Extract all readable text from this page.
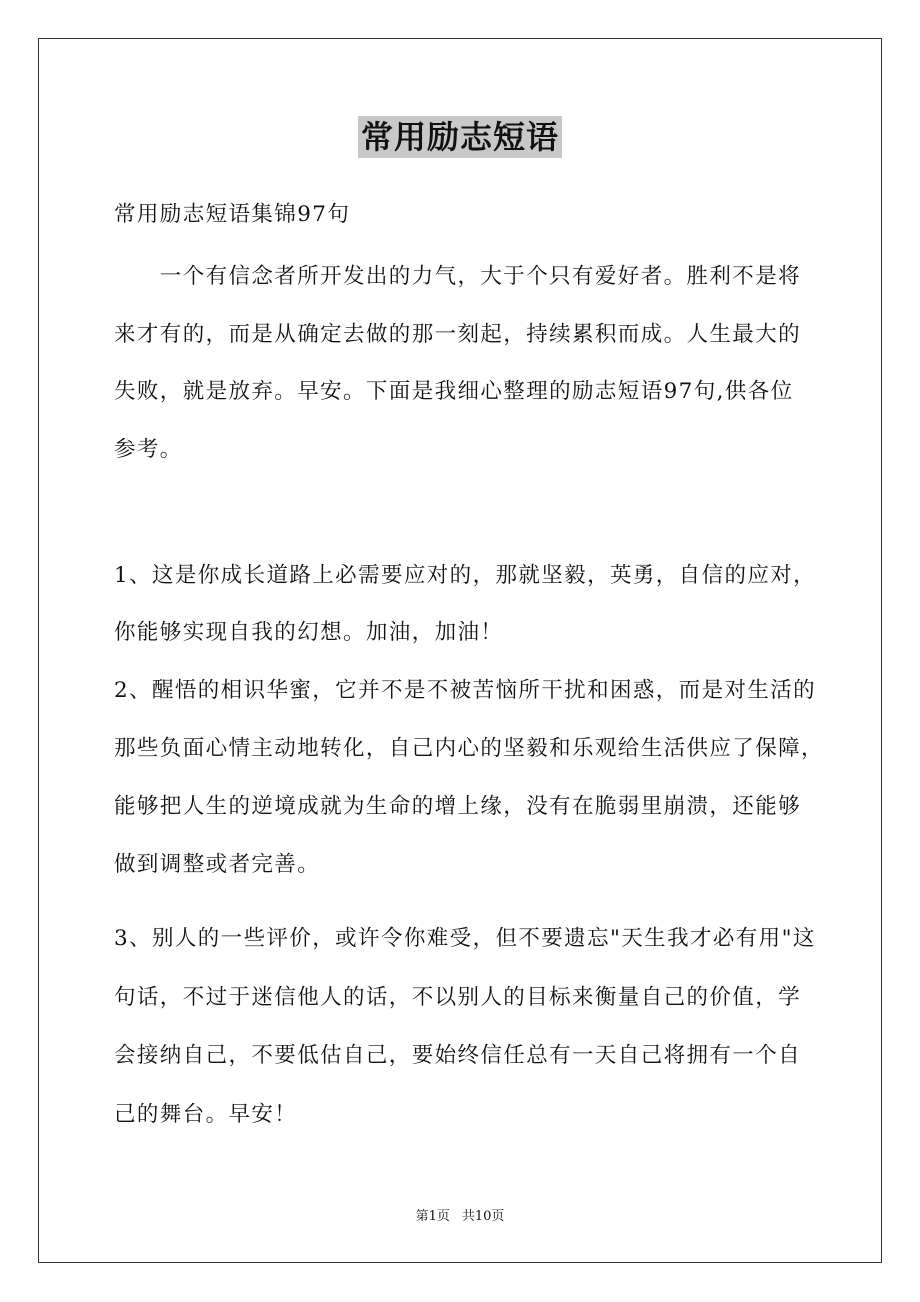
常用励志短语
常用励志短语集锦97句
　　一个有信念者所开发出的力气，大于个只有爱好者。胜利不是将
来才有的，而是从确定去做的那一刻起，持续累积而成。人生最大的
失败，就是放弃。早安。下面是我细心整理的励志短语97句,供各位
参考。
1、这是你成长道路上必需要应对的，那就坚毅，英勇，自信的应对，
你能够实现自我的幻想。加油，加油！
2、醒悟的相识华蜜，它并不是不被苦恼所干扰和困惑，而是对生活的
那些负面心情主动地转化，自己内心的坚毅和乐观给生活供应了保障，
能够把人生的逆境成就为生命的增上缘，没有在脆弱里崩溃，还能够
做到调整或者完善。
3、别人的一些评价，或许令你难受，但不要遗忘"天生我才必有用"这
句话，不过于迷信他人的话，不以别人的目标来衡量自己的价值，学
会接纳自己，不要低估自己，要始终信任总有一天自己将拥有一个自
己的舞台。早安！
第1页 共10页
